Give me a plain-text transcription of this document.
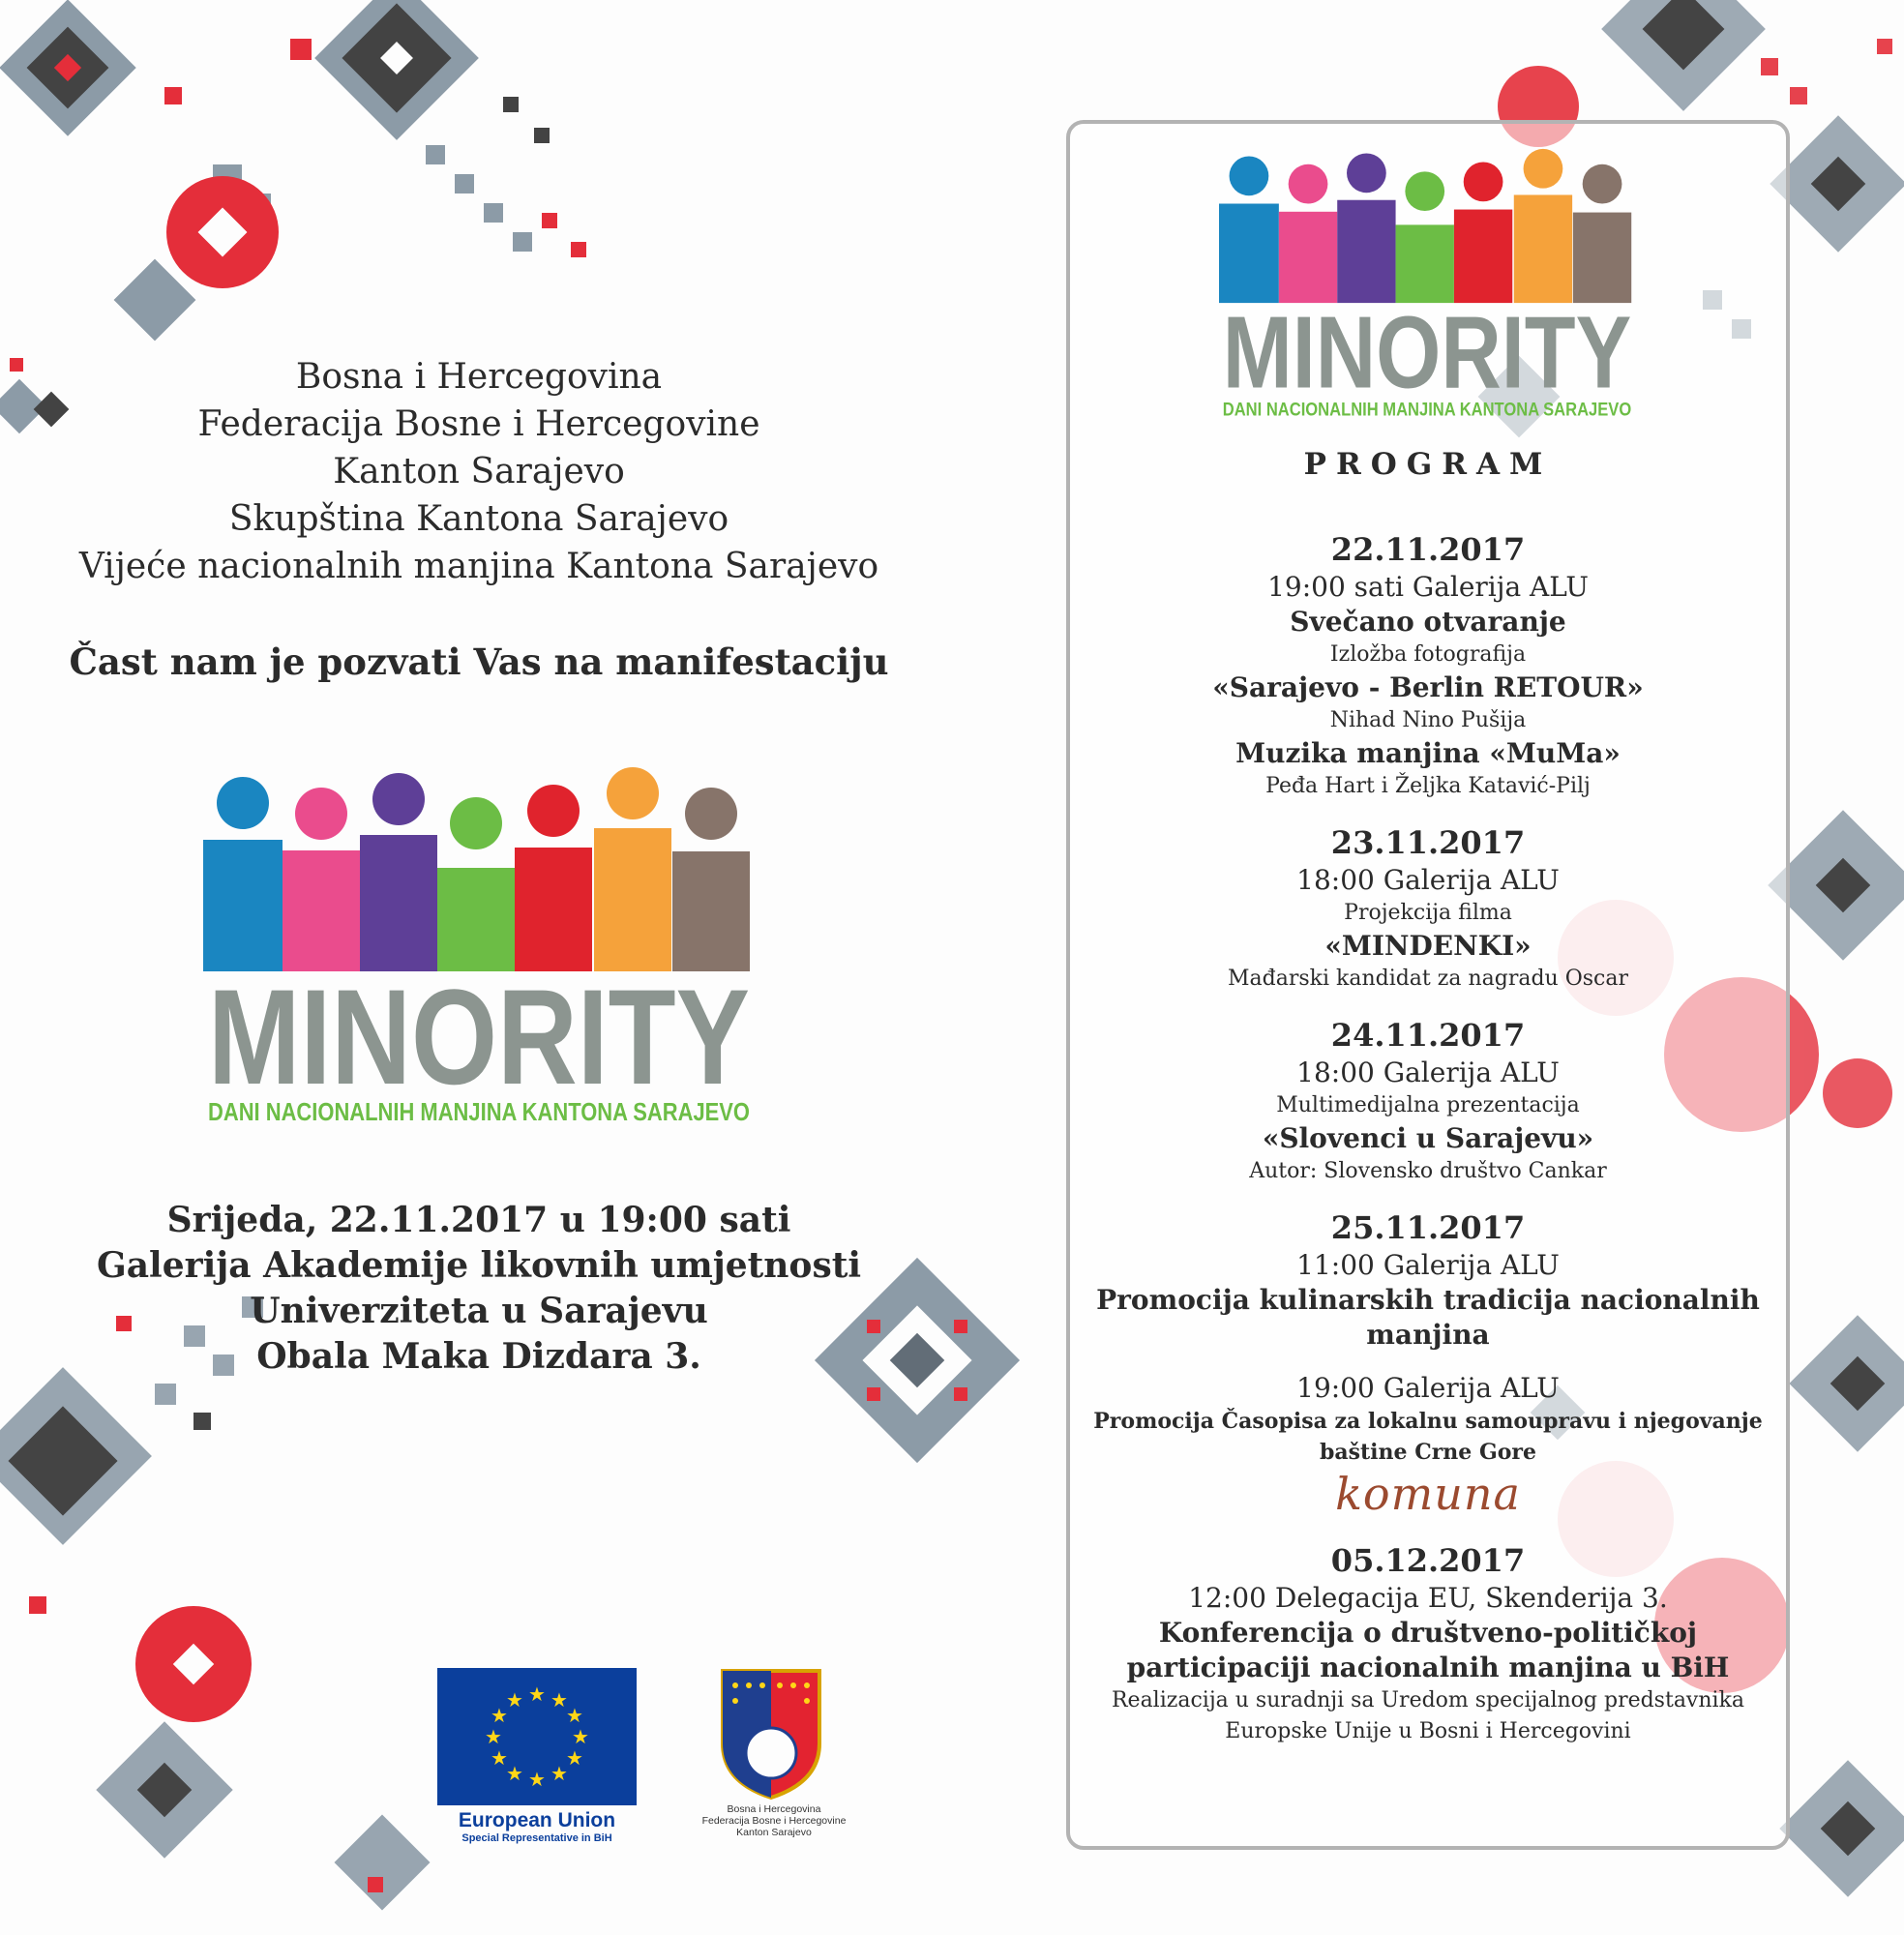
Bosna i Hercegovina
Federacija Bosne i Hercegovine
Kanton Sarajevo
Skupština Kantona Sarajevo
Vijeće nacionalnih manjina Kantona Sarajevo
Čast nam je pozvati Vas na manifestaciju
MINORITY
DANI NACIONALNIH MANJINA KANTONA SARAJEVO
Srijeda, 22.11.2017 u 19:00 sati
Galerija Akademije likovnih umjetnosti
Univerziteta u Sarajevu
Obala Maka Dizdara 3.
★ ★
★
★
★
★
★
★
★
★
★
★
European Union
Special Representative in BiH
Bosna i Hercegovina
Federacija Bosne i Hercegovine
Kanton Sarajevo
MINORITY
DANI NACIONALNIH MANJINA KANTONA SARAJEVO
PROGRAM
22.11.2017
19:00 sati Galerija ALU
Svečano otvaranje
Izložba fotografija
«Sarajevo - Berlin RETOUR»
Nihad Nino Pušija
Muzika manjina «MuMa»
Peđa Hart i Željka Katavić-Pilj
23.11.2017
18:00 Galerija ALU
Projekcija filma
«MINDENKI»
Mađarski kandidat za nagradu Oscar
24.11.2017
18:00 Galerija ALU
Multimedijalna prezentacija
«Slovenci u Sarajevu»
Autor: Slovensko društvo Cankar
25.11.2017
11:00 Galerija ALU
Promocija kulinarskih tradicija nacionalnih
manjina
19:00 Galerija ALU
Promocija Časopisa za lokalnu samoupravu i njegovanje
baštine Crne Gore
komuna
05.12.2017
12:00 Delegacija EU, Skenderija 3.
Konferencija o društveno-političkoj
participaciji nacionalnih manjina u BiH
Realizacija u suradnji sa Uredom specijalnog predstavnika
Europske Unije u Bosni i Hercegovini
